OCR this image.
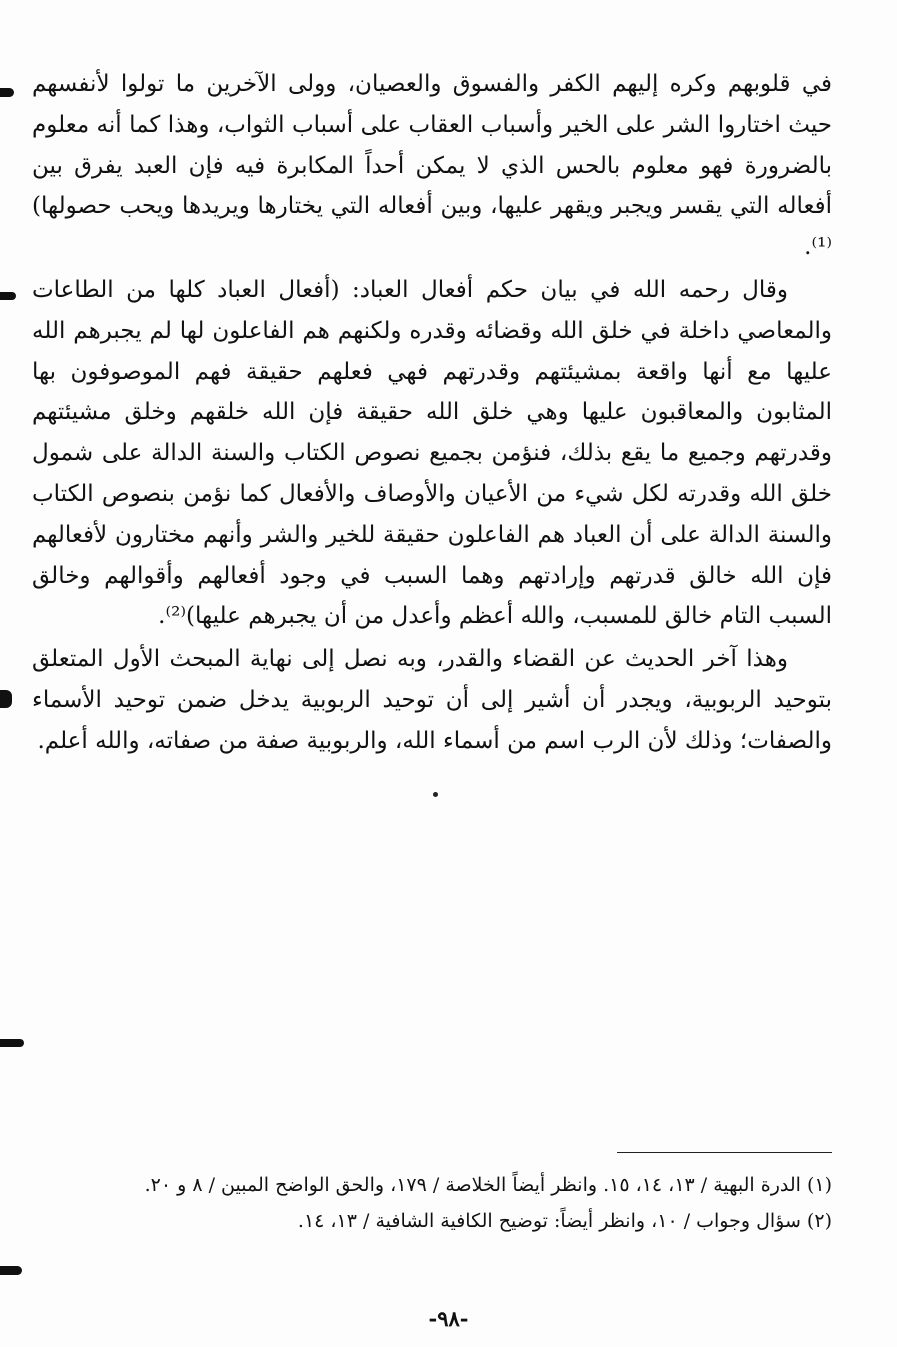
في قلوبهم وكره إليهم الكفر والفسوق والعصيان، وولى الآخرين ما تولوا لأنفسهم حيث اختاروا الشر على الخير وأسباب العقاب على أسباب الثواب، وهذا كما أنه معلوم بالضرورة فهو معلوم بالحس الذي لا يمكن أحداً المكابرة فيه فإن العبد يفرق بين أفعاله التي يقسر ويجبر ويقهر عليها، وبين أفعاله التي يختارها ويريدها ويحب حصولها)⁽¹⁾.

وقال رحمه الله في بيان حكم أفعال العباد: (أفعال العباد كلها من الطاعات والمعاصي داخلة في خلق الله وقضائه وقدره ولكنهم هم الفاعلون لها لم يجبرهم الله عليها مع أنها واقعة بمشيئتهم وقدرتهم فهي فعلهم حقيقة فهم الموصوفون بها المثابون والمعاقبون عليها وهي خلق الله حقيقة فإن الله خلقهم وخلق مشيئتهم وقدرتهم وجميع ما يقع بذلك، فنؤمن بجميع نصوص الكتاب والسنة الدالة على شمول خلق الله وقدرته لكل شيء من الأعيان والأوصاف والأفعال كما نؤمن بنصوص الكتاب والسنة الدالة على أن العباد هم الفاعلون حقيقة للخير والشر وأنهم مختارون لأفعالهم فإن الله خالق قدرتهم وإرادتهم وهما السبب في وجود أفعالهم وأقوالهم وخالق السبب التام خالق للمسبب، والله أعظم وأعدل من أن يجبرهم عليها)⁽²⁾.

وهذا آخر الحديث عن القضاء والقدر، وبه نصل إلى نهاية المبحث الأول المتعلق بتوحيد الربوبية، ويجدر أن أشير إلى أن توحيد الربوبية يدخل ضمن توحيد الأسماء والصفات؛ وذلك لأن الرب اسم من أسماء الله، والربوبية صفة من صفاته، والله أعلم.

(١) الدرة البهية / ١٣، ١٤، ١٥. وانظر أيضاً الخلاصة / ١٧٩، والحق الواضح المبين / ٨ و ٢٠.

(٢) سؤال وجواب / ١٠، وانظر أيضاً: توضيح الكافية الشافية / ١٣، ١٤.

-٩٨-
